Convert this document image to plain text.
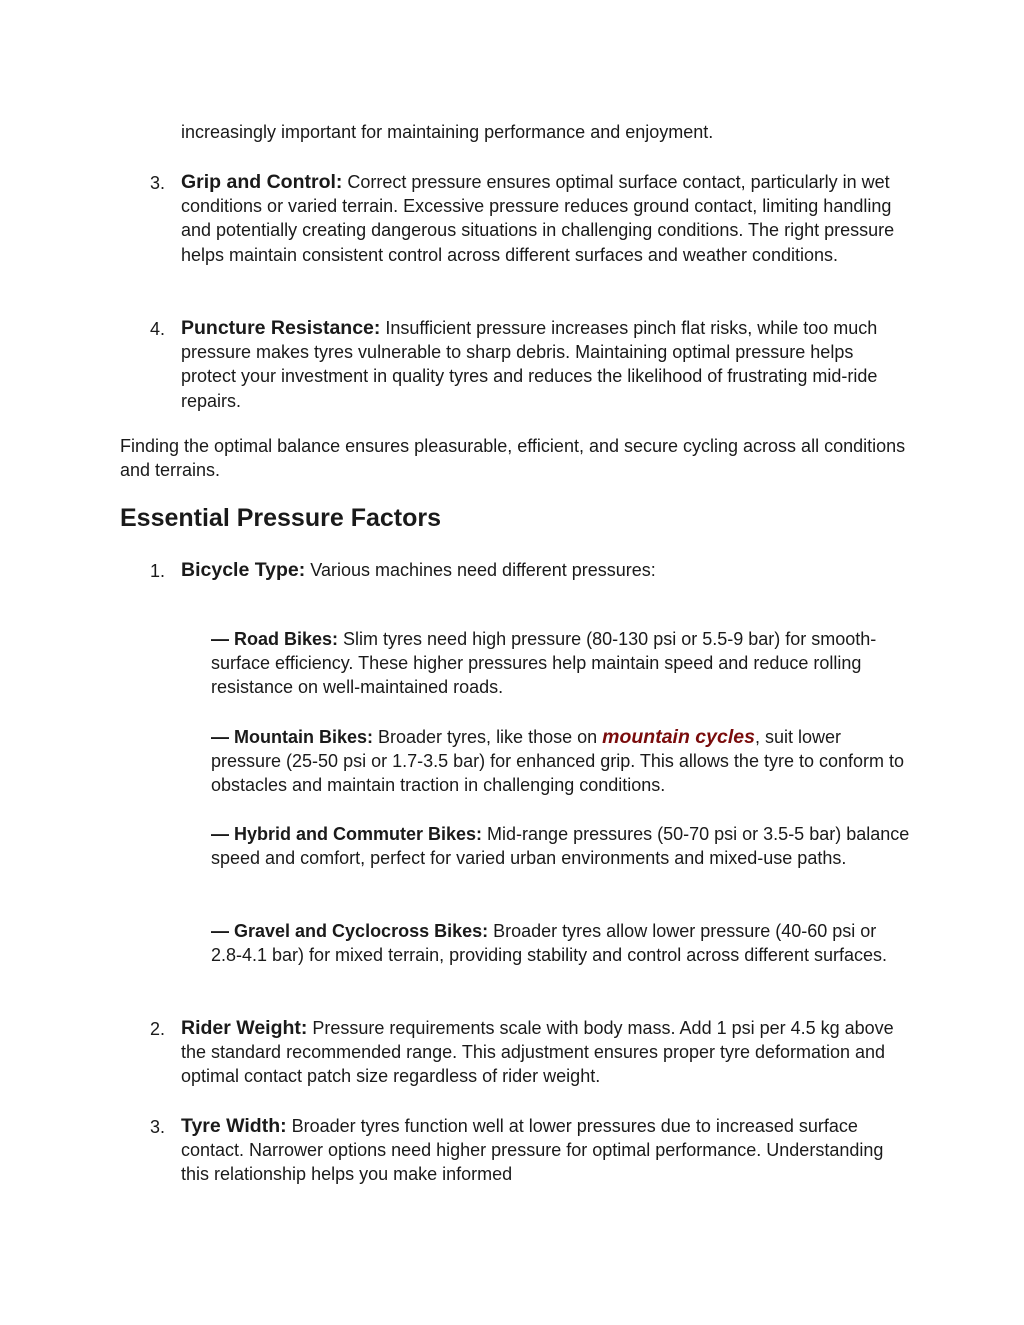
increasingly important for maintaining performance and enjoyment.

3. Grip and Control: Correct pressure ensures optimal surface contact, particularly in wet conditions or varied terrain. Excessive pressure reduces ground contact, limiting handling and potentially creating dangerous situations in challenging conditions. The right pressure helps maintain consistent control across different surfaces and weather conditions.

4. Puncture Resistance: Insufficient pressure increases pinch flat risks, while too much pressure makes tyres vulnerable to sharp debris. Maintaining optimal pressure helps protect your investment in quality tyres and reduces the likelihood of frustrating mid-ride repairs.

Finding the optimal balance ensures pleasurable, efficient, and secure cycling across all conditions and terrains.

Essential Pressure Factors
1. Bicycle Type: Various machines need different pressures:

— Road Bikes: Slim tyres need high pressure (80-130 psi or 5.5-9 bar) for smooth-surface efficiency. These higher pressures help maintain speed and reduce rolling resistance on well-maintained roads.

— Mountain Bikes: Broader tyres, like those on mountain cycles, suit lower pressure (25-50 psi or 1.7-3.5 bar) for enhanced grip. This allows the tyre to conform to obstacles and maintain traction in challenging conditions.

— Hybrid and Commuter Bikes: Mid-range pressures (50-70 psi or 3.5-5 bar) balance speed and comfort, perfect for varied urban environments and mixed-use paths.

— Gravel and Cyclocross Bikes: Broader tyres allow lower pressure (40-60 psi or 2.8-4.1 bar) for mixed terrain, providing stability and control across different surfaces.

2. Rider Weight: Pressure requirements scale with body mass. Add 1 psi per 4.5 kg above the standard recommended range. This adjustment ensures proper tyre deformation and optimal contact patch size regardless of rider weight.

3. Tyre Width: Broader tyres function well at lower pressures due to increased surface contact. Narrower options need higher pressure for optimal performance. Understanding this relationship helps you make informed
